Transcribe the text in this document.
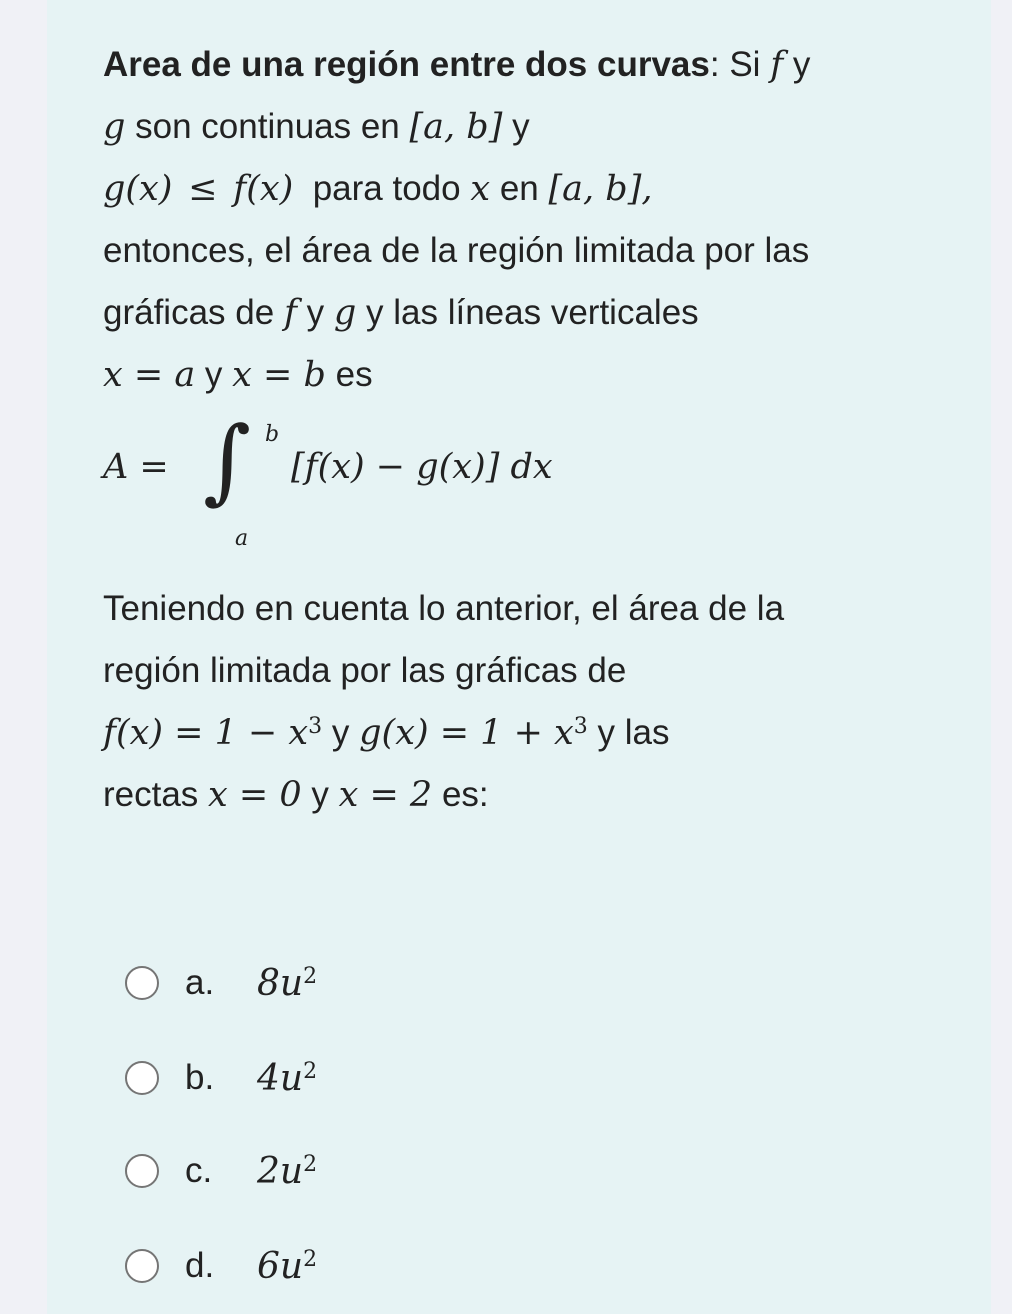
Area de una región entre dos curvas: Si f y
g son continuas en [a, b] y
g(x) ≤ f(x) para todo x en [a, b],
entonces, el área de la región limitada por las
gráficas de f y g y las líneas verticales
x = a y x = b es
A = ∫ b
a
[f(x) − g(x)] dx
Teniendo en cuenta lo anterior, el área de la
región limitada por las gráficas de
$f(x) = 1 - x^3$ y $g(x) = 1 + x^3$ y las
rectas x = 0 y x = 2 es:
a. $8u^2$
b. $4u^2$
c. $2u^2$
d. $6u^2$
